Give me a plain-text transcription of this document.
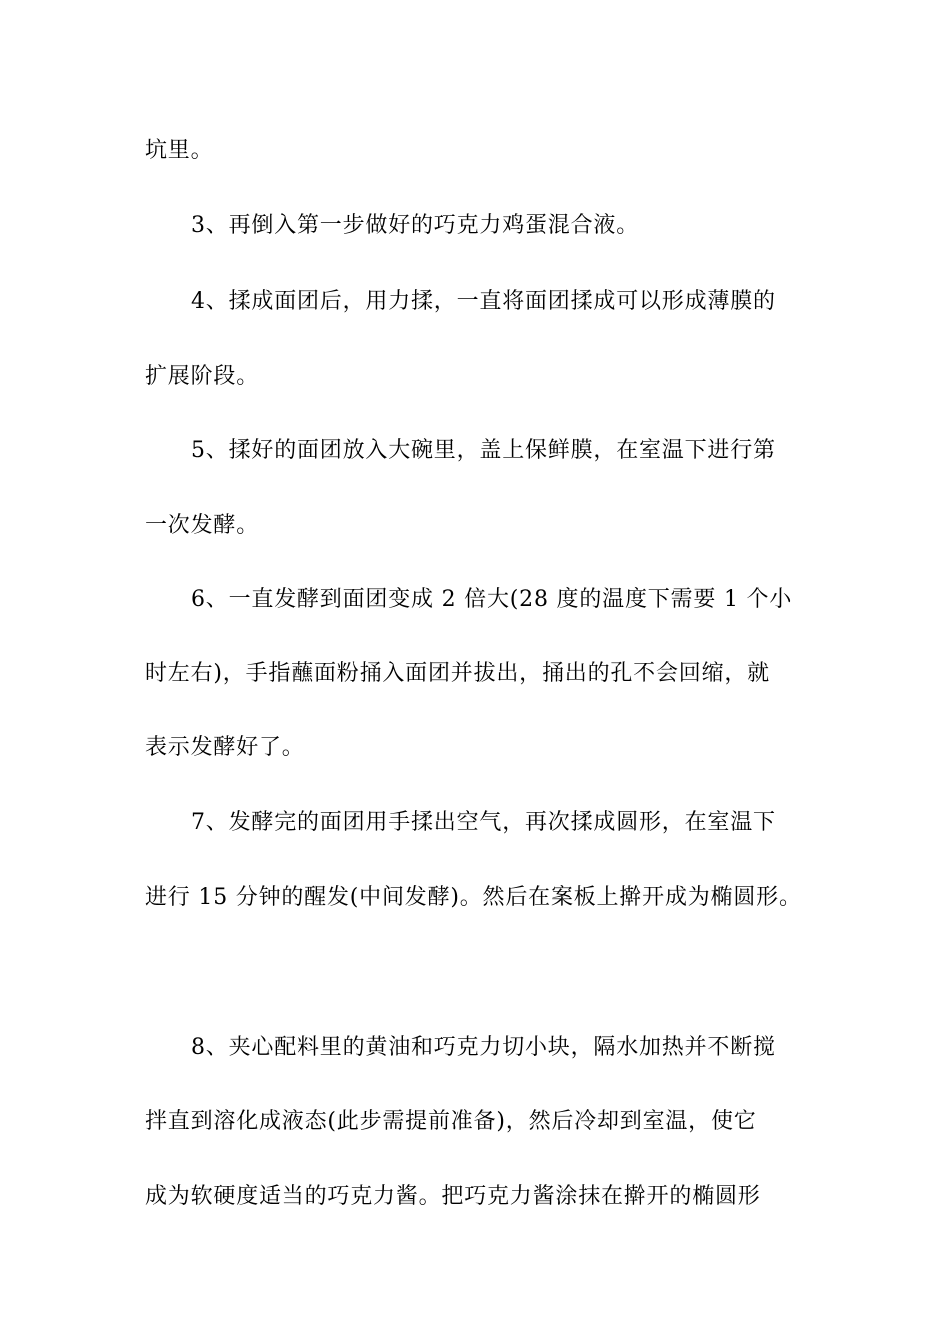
坑里。

3、再倒入第一步做好的巧克力鸡蛋混合液。

4、揉成面团后，用力揉，一直将面团揉成可以形成薄膜的

扩展阶段。

5、揉好的面团放入大碗里，盖上保鲜膜，在室温下进行第

一次发酵。

6、一直发酵到面团变成 2 倍大(28 度的温度下需要 1 个小

时左右)，手指蘸面粉捅入面团并拔出，捅出的孔不会回缩，就

表示发酵好了。

7、发酵完的面团用手揉出空气，再次揉成圆形，在室温下

进行 15 分钟的醒发(中间发酵)。然后在案板上擀开成为椭圆形。

8、夹心配料里的黄油和巧克力切小块，隔水加热并不断搅

拌直到溶化成液态(此步需提前准备)，然后冷却到室温，使它

成为软硬度适当的巧克力酱。把巧克力酱涂抹在擀开的椭圆形
